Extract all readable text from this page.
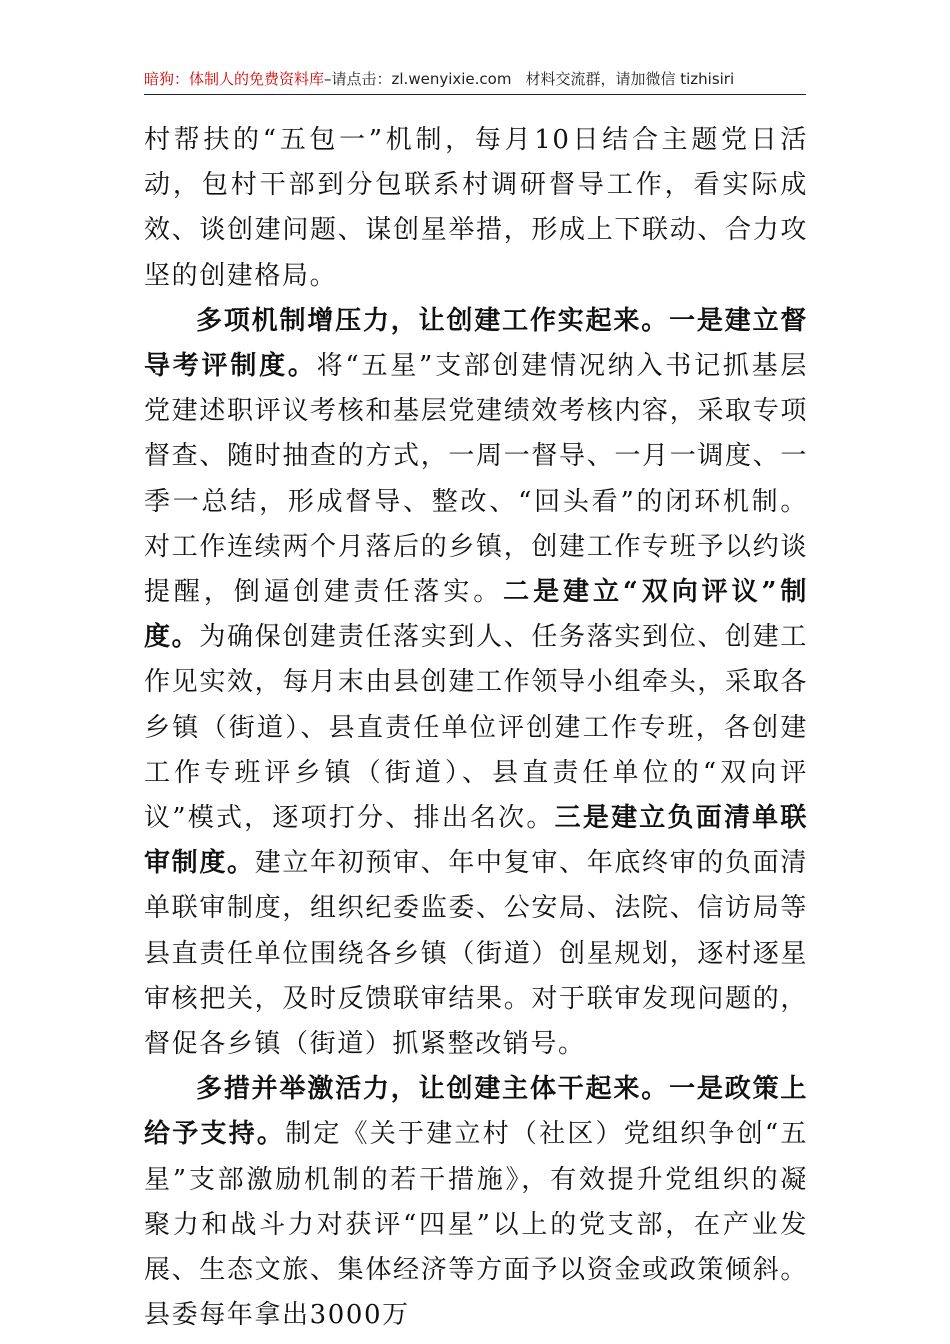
暗狗：体制人的免费资料库–请点击：zl.wenyixie.com 材料交流群，请加微信 tizhisiri

村帮扶的“五包一”机制，每月10日结合主题党日活动，包村干部到分包联系村调研督导工作，看实际成效、谈创建问题、谋创星举措，形成上下联动、合力攻坚的创建格局。

多项机制增压力，让创建工作实起来。一是建立督导考评制度。将“五星”支部创建情况纳入书记抓基层党建述职评议考核和基层党建绩效考核内容，采取专项督查、随时抽查的方式，一周一督导、一月一调度、一季一总结，形成督导、整改、“回头看”的闭环机制。对工作连续两个月落后的乡镇，创建工作专班予以约谈提醒，倒逼创建责任落实。二是建立“双向评议”制度。为确保创建责任落实到人、任务落实到位、创建工作见实效，每月末由县创建工作领导小组牵头，采取各乡镇（街道）、县直责任单位评创建工作专班，各创建工作专班评乡镇（街道）、县直责任单位的“双向评议”模式，逐项打分、排出名次。三是建立负面清单联审制度。建立年初预审、年中复审、年底终审的负面清单联审制度，组织纪委监委、公安局、法院、信访局等县直责任单位围绕各乡镇（街道）创星规划，逐村逐星审核把关，及时反馈联审结果。对于联审发现问题的，督促各乡镇（街道）抓紧整改销号。

多措并举激活力，让创建主体干起来。一是政策上给予支持。制定《关于建立村（社区）党组织争创“五星”支部激励机制的若干措施》，有效提升党组织的凝聚力和战斗力对获评“四星”以上的党支部，在产业发展、生态文旅、集体经济等方面予以资金或政策倾斜。县委每年拿出3000万
